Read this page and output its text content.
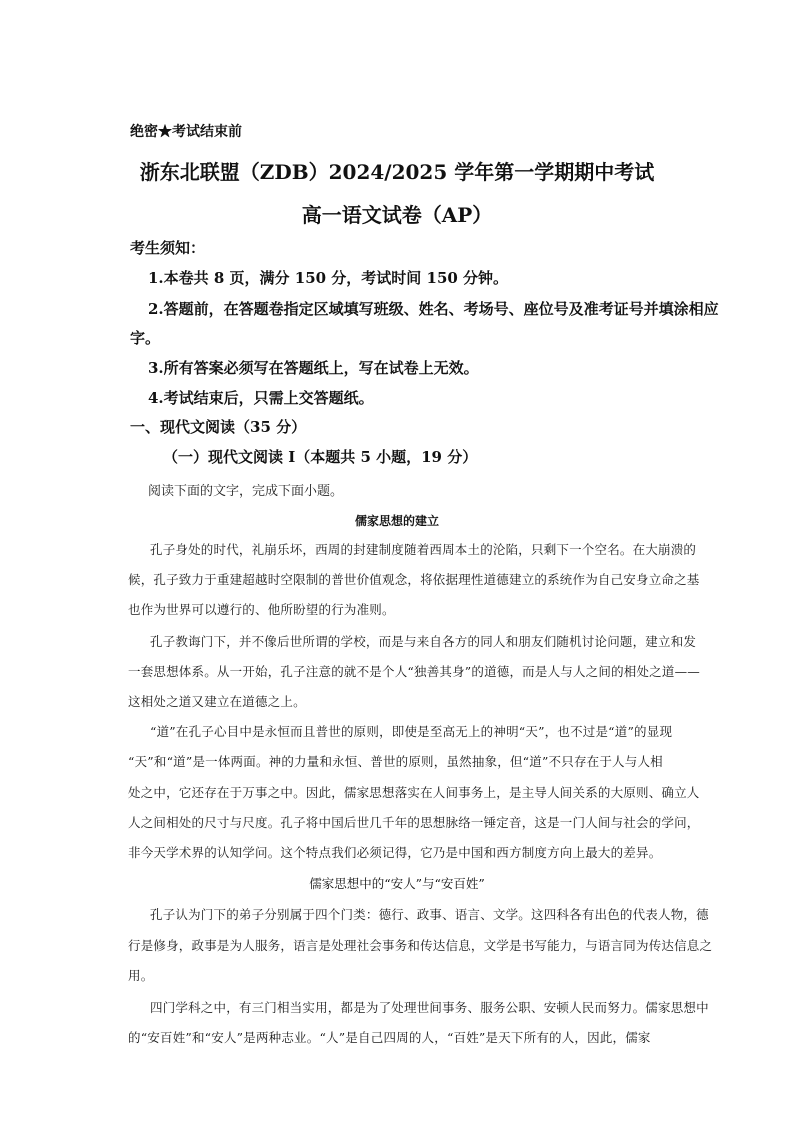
绝密★考试结束前
浙东北联盟（ZDB）2024/2025 学年第一学期期中考试
高一语文试卷（AP）
考生须知：
1.本卷共 8 页，满分 150 分，考试时间 150 分钟。
2.答题前，在答题卷指定区域填写班级、姓名、考场号、座位号及准考证号并填涂相应
字。
3.所有答案必须写在答题纸上，写在试卷上无效。
4.考试结束后，只需上交答题纸。
一、现代文阅读（35 分）
（一）现代文阅读 I（本题共 5 小题，19 分）
阅读下面的文字，完成下面小题。
儒家思想的建立
孔子身处的时代，礼崩乐坏，西周的封建制度随着西周本土的沦陷，只剩下一个空名。在大崩溃的
候，孔子致力于重建超越时空限制的普世价值观念，将依据理性道德建立的系统作为自己安身立命之基
也作为世界可以遵行的、他所盼望的行为准则。
孔子教诲门下，并不像后世所谓的学校，而是与来自各方的同人和朋友们随机讨论问题，建立和发
一套思想体系。从一开始，孔子注意的就不是个人“独善其身”的道德，而是人与人之间的相处之道——
这相处之道又建立在道德之上。
“道”在孔子心目中是永恒而且普世的原则，即使是至高无上的神明“天”，也不过是“道”的显现
“天”和“道”是一体两面。神的力量和永恒、普世的原则，虽然抽象，但“道”不只存在于人与人相
处之中，它还存在于万事之中。因此，儒家思想落实在人间事务上，是主导人间关系的大原则、确立人
人之间相处的尺寸与尺度。孔子将中国后世几千年的思想脉络一锤定音，这是一门人间与社会的学问，
非今天学术界的认知学问。这个特点我们必须记得，它乃是中国和西方制度方向上最大的差异。
儒家思想中的“安人”与“安百姓”
孔子认为门下的弟子分别属于四个门类：德行、政事、语言、文学。这四科各有出色的代表人物，德
行是修身，政事是为人服务，语言是处理社会事务和传达信息，文学是书写能力，与语言同为传达信息之
用。
四门学科之中，有三门相当实用，都是为了处理世间事务、服务公职、安顿人民而努力。儒家思想中
的“安百姓”和“安人”是两种志业。“人”是自己四周的人，“百姓”是天下所有的人，因此，儒家
